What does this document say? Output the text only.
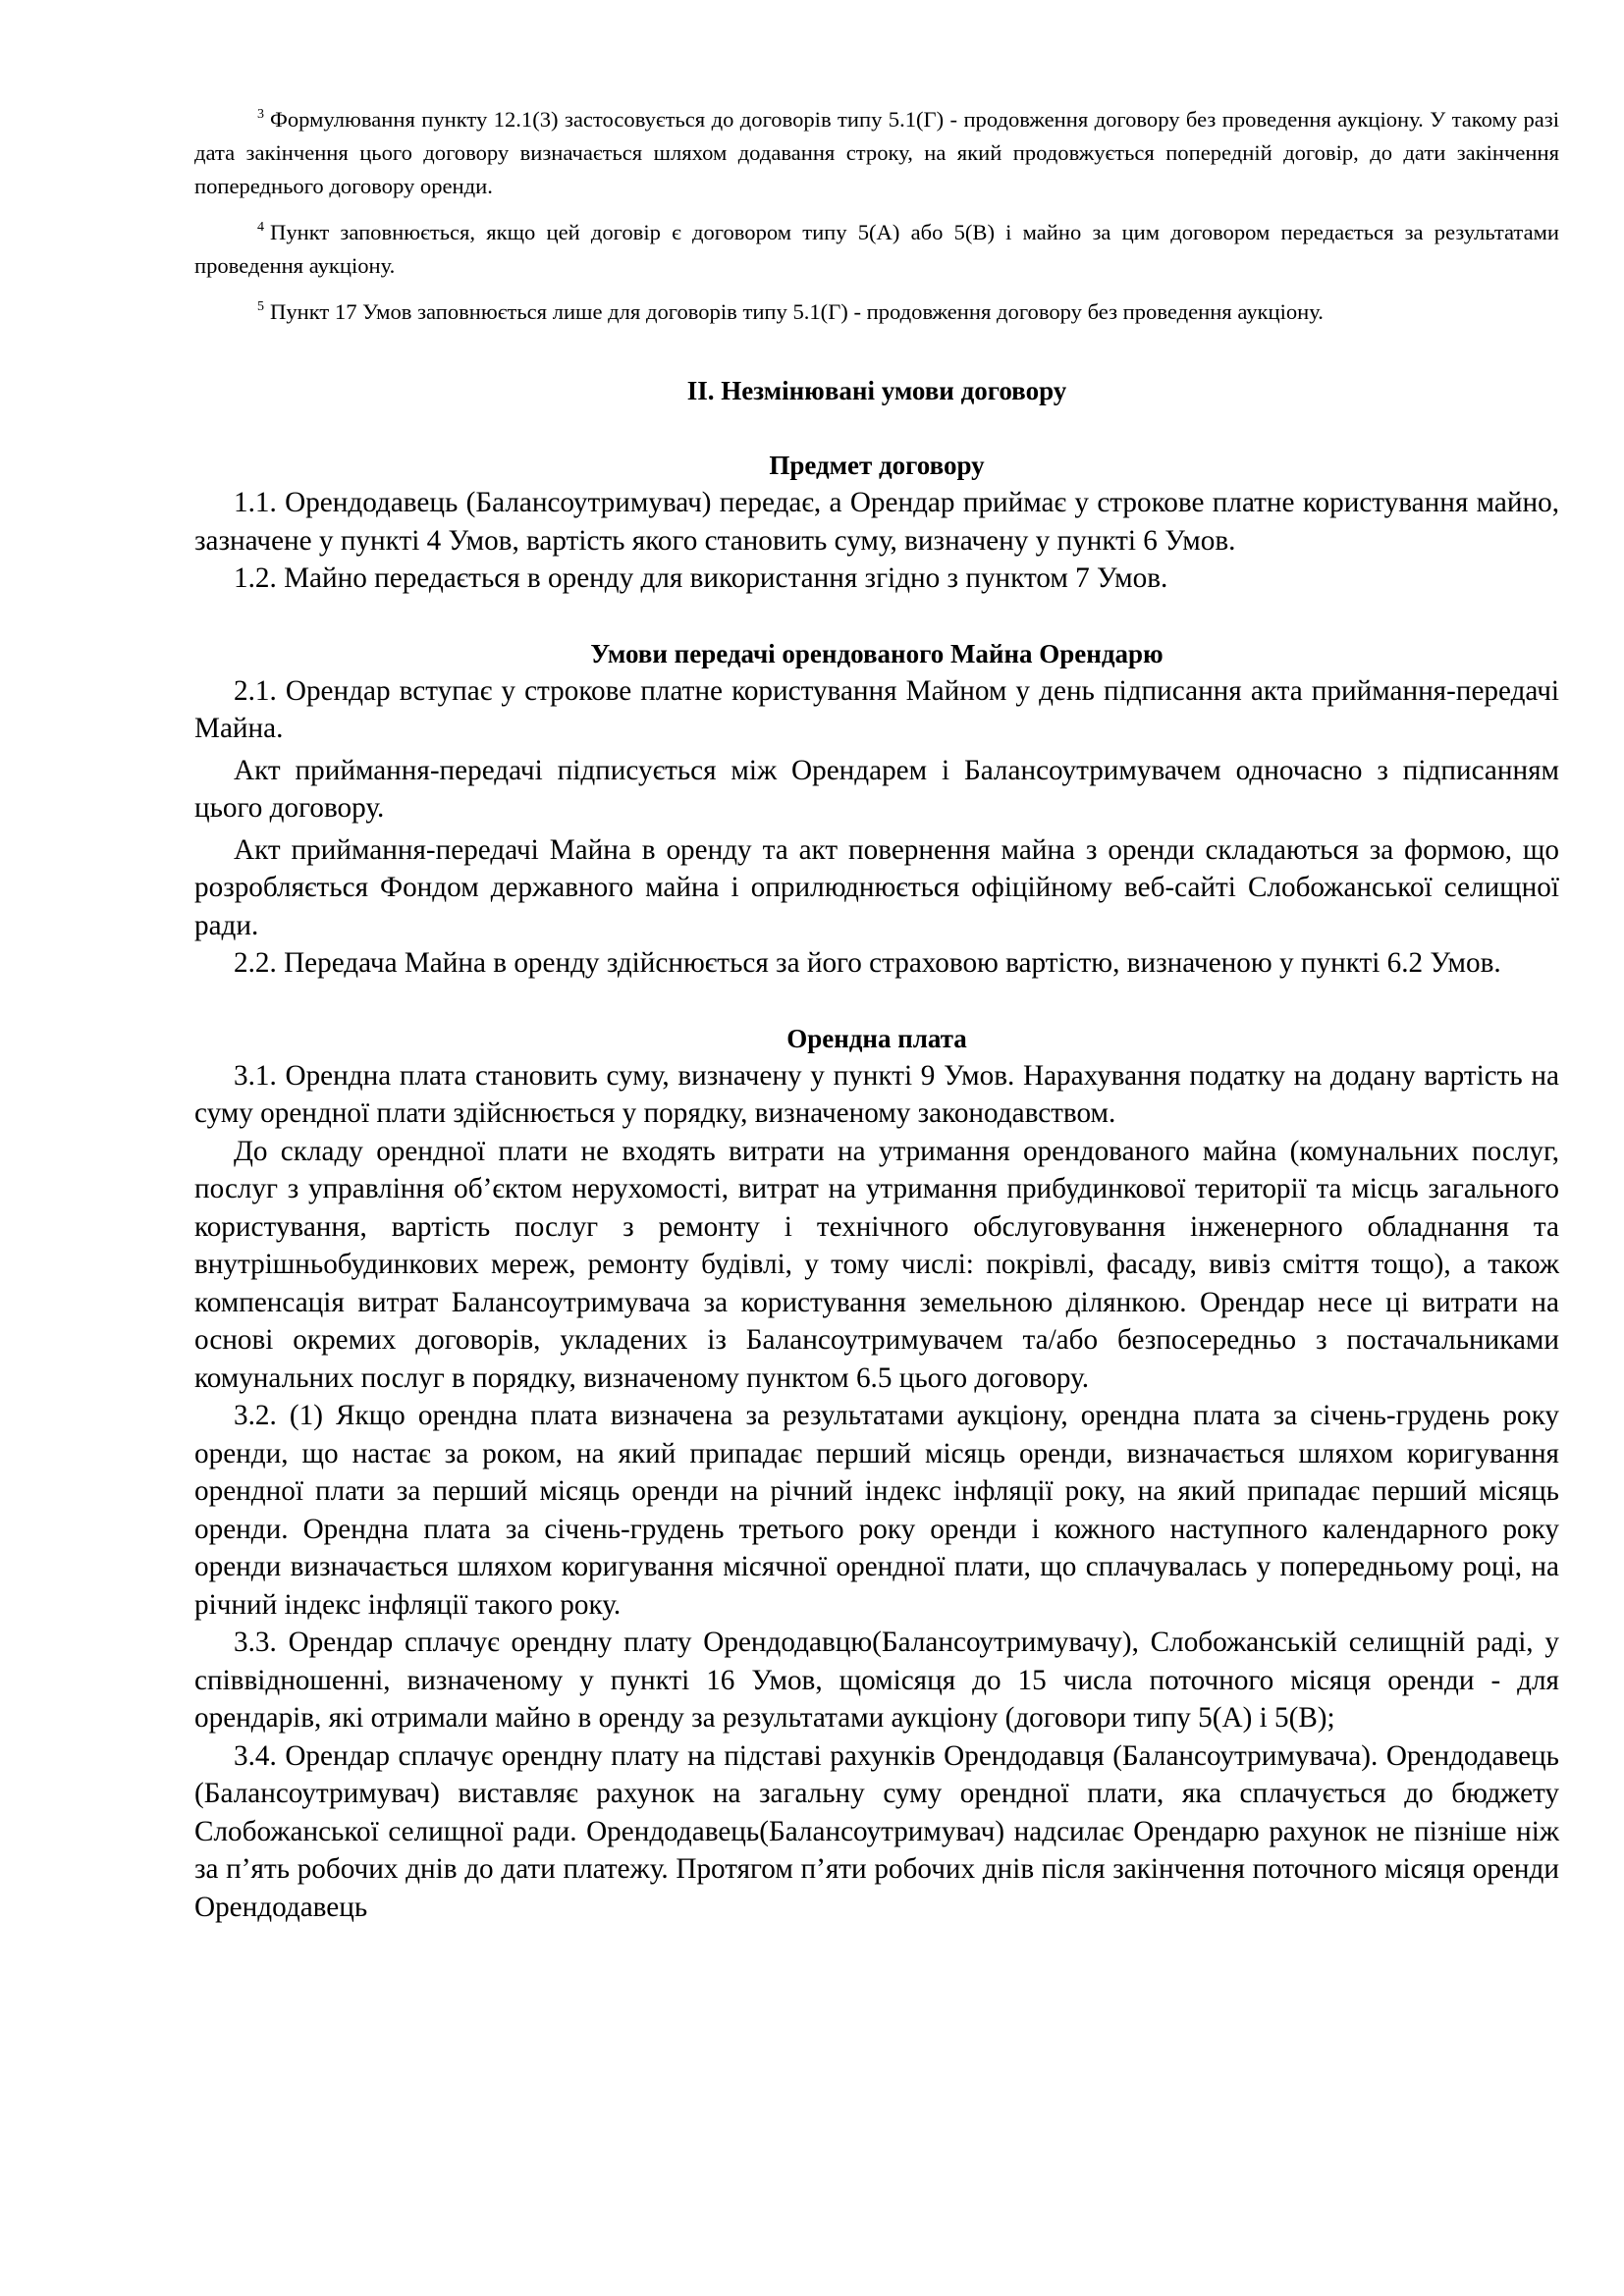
$^3$ Формулювання пункту 12.1(3) застосовується до договорів типу 5.1(Г) - продовження договору без проведення аукціону. У такому разі дата закінчення цього договору визначається шляхом додавання строку, на який продовжується попередній договір, до дати закінчення попереднього договору оренди.

$^4$ Пункт заповнюється, якщо цей договір є договором типу 5(А) або 5(В) і майно за цим договором передається за результатами проведення аукціону.

$^5$ Пункт 17 Умов заповнюється лише для договорів типу 5.1(Г) - продовження договору без проведення аукціону.

II. Незмінювані умови договору
Предмет договору

1.1. Орендодавець (Балансоутримувач) передає, а Орендар приймає у строкове платне користування майно, зазначене у пункті 4 Умов, вартість якого становить суму, визначену у пункті 6 Умов.

1.2. Майно передається в оренду для використання згідно з пунктом 7 Умов.

Умови передачі орендованого Майна Орендарю

2.1. Орендар вступає у строкове платне користування Майном у день підписання акта приймання-передачі Майна.

Акт приймання-передачі підписується між Орендарем і Балансоутримувачем одночасно з підписанням цього договору.

Акт приймання-передачі Майна в оренду та акт повернення майна з оренди складаються за формою, що розробляється Фондом державного майна і оприлюднюється офіційному веб-сайті Слобожанської селищної ради.

2.2. Передача Майна в оренду здійснюється за його страховою вартістю, визначеною у пункті 6.2 Умов.

Орендна плата

3.1. Орендна плата становить суму, визначену у пункті 9 Умов. Нарахування податку на додану вартість на суму орендної плати здійснюється у порядку, визначеному законодавством.

До складу орендної плати не входять витрати на утримання орендованого майна (комунальних послуг, послуг з управління об’єктом нерухомості, витрат на утримання прибудинкової території та місць загального користування, вартість послуг з ремонту і технічного обслуговування інженерного обладнання та внутрішньобудинкових мереж, ремонту будівлі, у тому числі: покрівлі, фасаду, вивіз сміття тощо), а також компенсація витрат Балансоутримувача за користування земельною ділянкою. Орендар несе ці витрати на основі окремих договорів, укладених із Балансоутримувачем та/або безпосередньо з постачальниками комунальних послуг в порядку, визначеному пунктом 6.5 цього договору.

3.2. (1) Якщо орендна плата визначена за результатами аукціону, орендна плата за січень-грудень року оренди, що настає за роком, на який припадає перший місяць оренди, визначається шляхом коригування орендної плати за перший місяць оренди на річний індекс інфляції року, на який припадає перший місяць оренди. Орендна плата за січень-грудень третього року оренди і кожного наступного календарного року оренди визначається шляхом коригування місячної орендної плати, що сплачувалась у попередньому році, на річний індекс інфляції такого року.

3.3. Орендар сплачує орендну плату Орендодавцю(Балансоутримувачу), Слобожанській селищній раді, у співвідношенні, визначеному у пункті 16 Умов, щомісяця до 15 числа поточного місяця оренди - для орендарів, які отримали майно в оренду за результатами аукціону (договори типу 5(А) і 5(В);

3.4. Орендар сплачує орендну плату на підставі рахунків Орендодавця (Балансоутримувача). Орендодавець (Балансоутримувач) виставляє рахунок на загальну суму орендної плати, яка сплачується до бюджету Слобожанської селищної ради. Орендодавець(Балансоутримувач) надсилає Орендарю рахунок не пізніше ніж за п’ять робочих днів до дати платежу. Протягом п’яти робочих днів після закінчення поточного місяця оренди Орендодавець
